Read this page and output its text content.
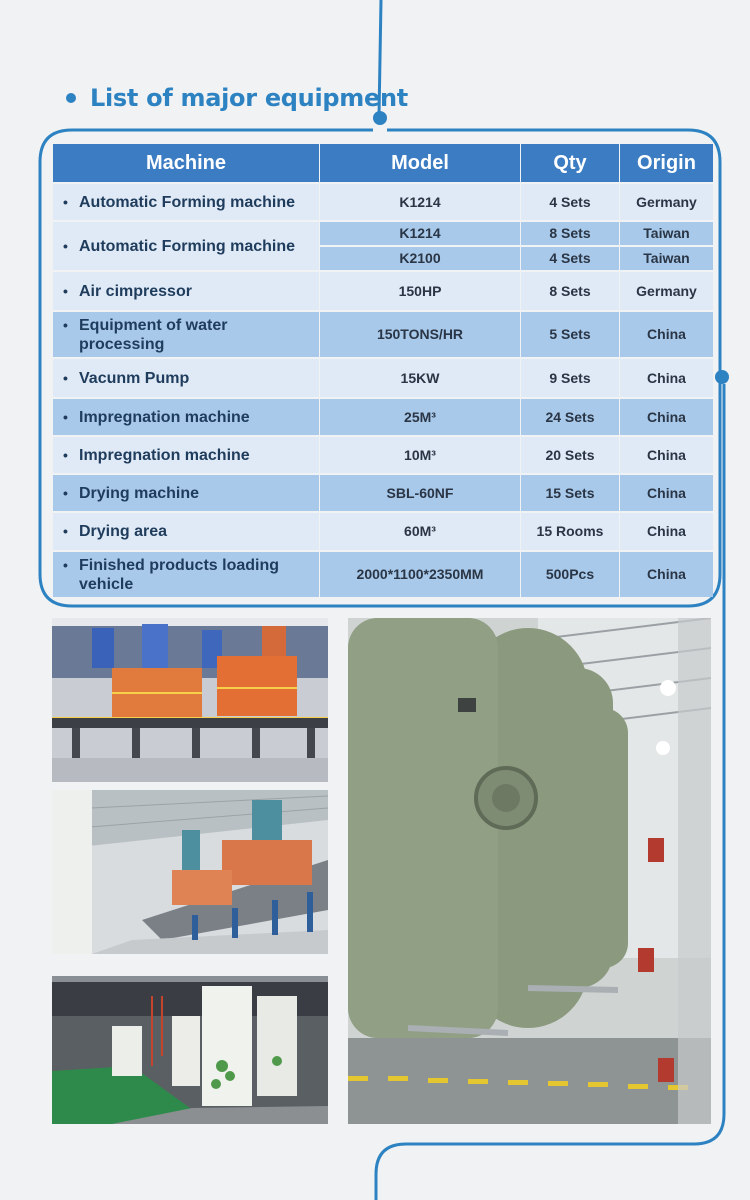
List of major equipment
Machine	Model	Qty	Origin

• Automatic Forming machine	K1214	4 Sets	Germany

• Automatic Forming machine	K1214	8 Sets	Taiwan
	K2100	4 Sets	Taiwan

• Air cimpressor	150HP	8 Sets	Germany

• Equipment of water processing	150TONS/HR	5 Sets	China

• Vacunm Pump	15KW	9 Sets	China

• Impregnation machine	25M³	24 Sets	China

• Impregnation machine	10M³	20 Sets	China

• Drying machine	SBL-60NF	15 Sets	China

• Drying area	60M³	15 Rooms	China

• Finished products loading vehicle	2000*1100*2350MM	500Pcs	China
